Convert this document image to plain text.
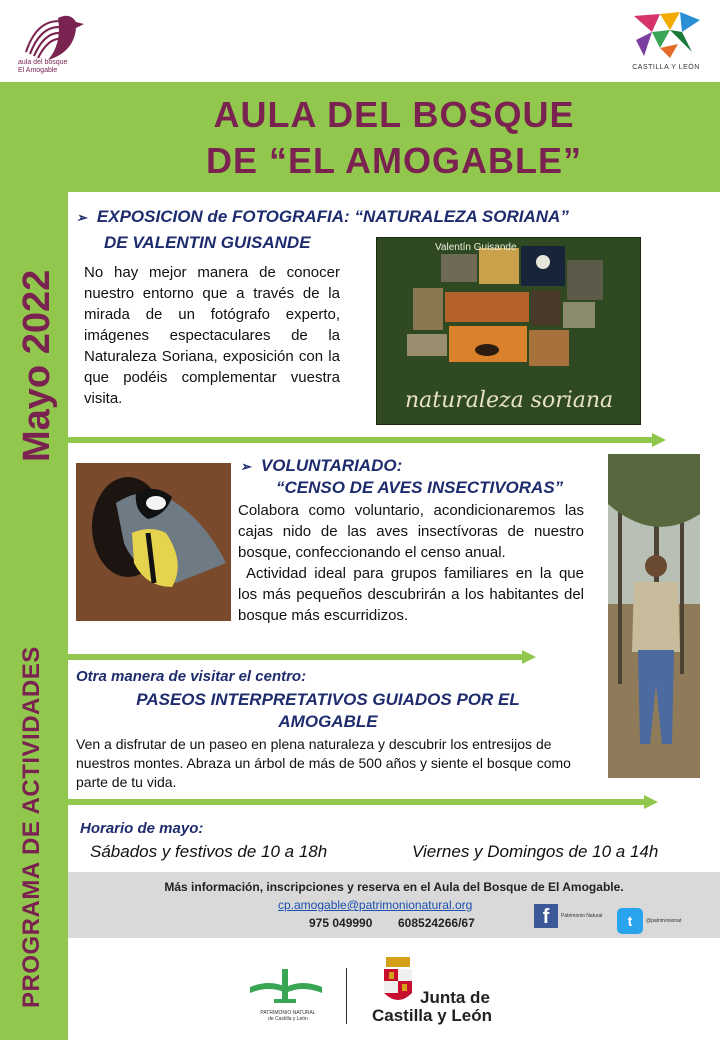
aula del bosque
El Amogable	CASTILLA Y LEÓN
AULA DEL BOSQUE
DE “EL AMOGABLE”
Mayo 2022
PROGRAMA DE ACTIVIDADES
➢ EXPOSICION de FOTOGRAFIA: “NATURALEZA SORIANA”
DE VALENTIN GUISANDE
No hay mejor manera de conocer nuestro entorno que a través de la mirada de un fotógrafo experto, imágenes espectaculares de la Naturaleza Soriana, exposición con la que podéis complementar vuestra visita.
Valentín Guisande
naturaleza soriana
➢ VOLUNTARIADO:
“CENSO DE AVES INSECTIVORAS”
Colabora como voluntario, acondicionaremos las cajas nido de las aves insectívoras de nuestro bosque, confeccionando el censo anual.
Actividad ideal para grupos familiares en la que los más pequeños descubrirán a los habitantes del bosque más escurridizos.
Otra manera de visitar el centro:
PASEOS INTERPRETATIVOS GUIADOS POR EL
AMOGABLE
Ven a disfrutar de un paseo en plena naturaleza y descubrir los entresijos de nuestros montes. Abraza un árbol de más de 500 años y siente el bosque como parte de tu vida.
Horario de mayo:
Sábados y festivos de 10 a 18h	Viernes y Domingos de 10 a 14h
Más información, inscripciones y reserva en el Aula del Bosque de El Amogable.
cp.amogable@patrimonionatural.org
975 049990 608524266/67	f	Patrimonio Natural	t	@patrimonionat
PATRIMONIO NATURAL
de Castilla y León
Junta de
Castilla y León
